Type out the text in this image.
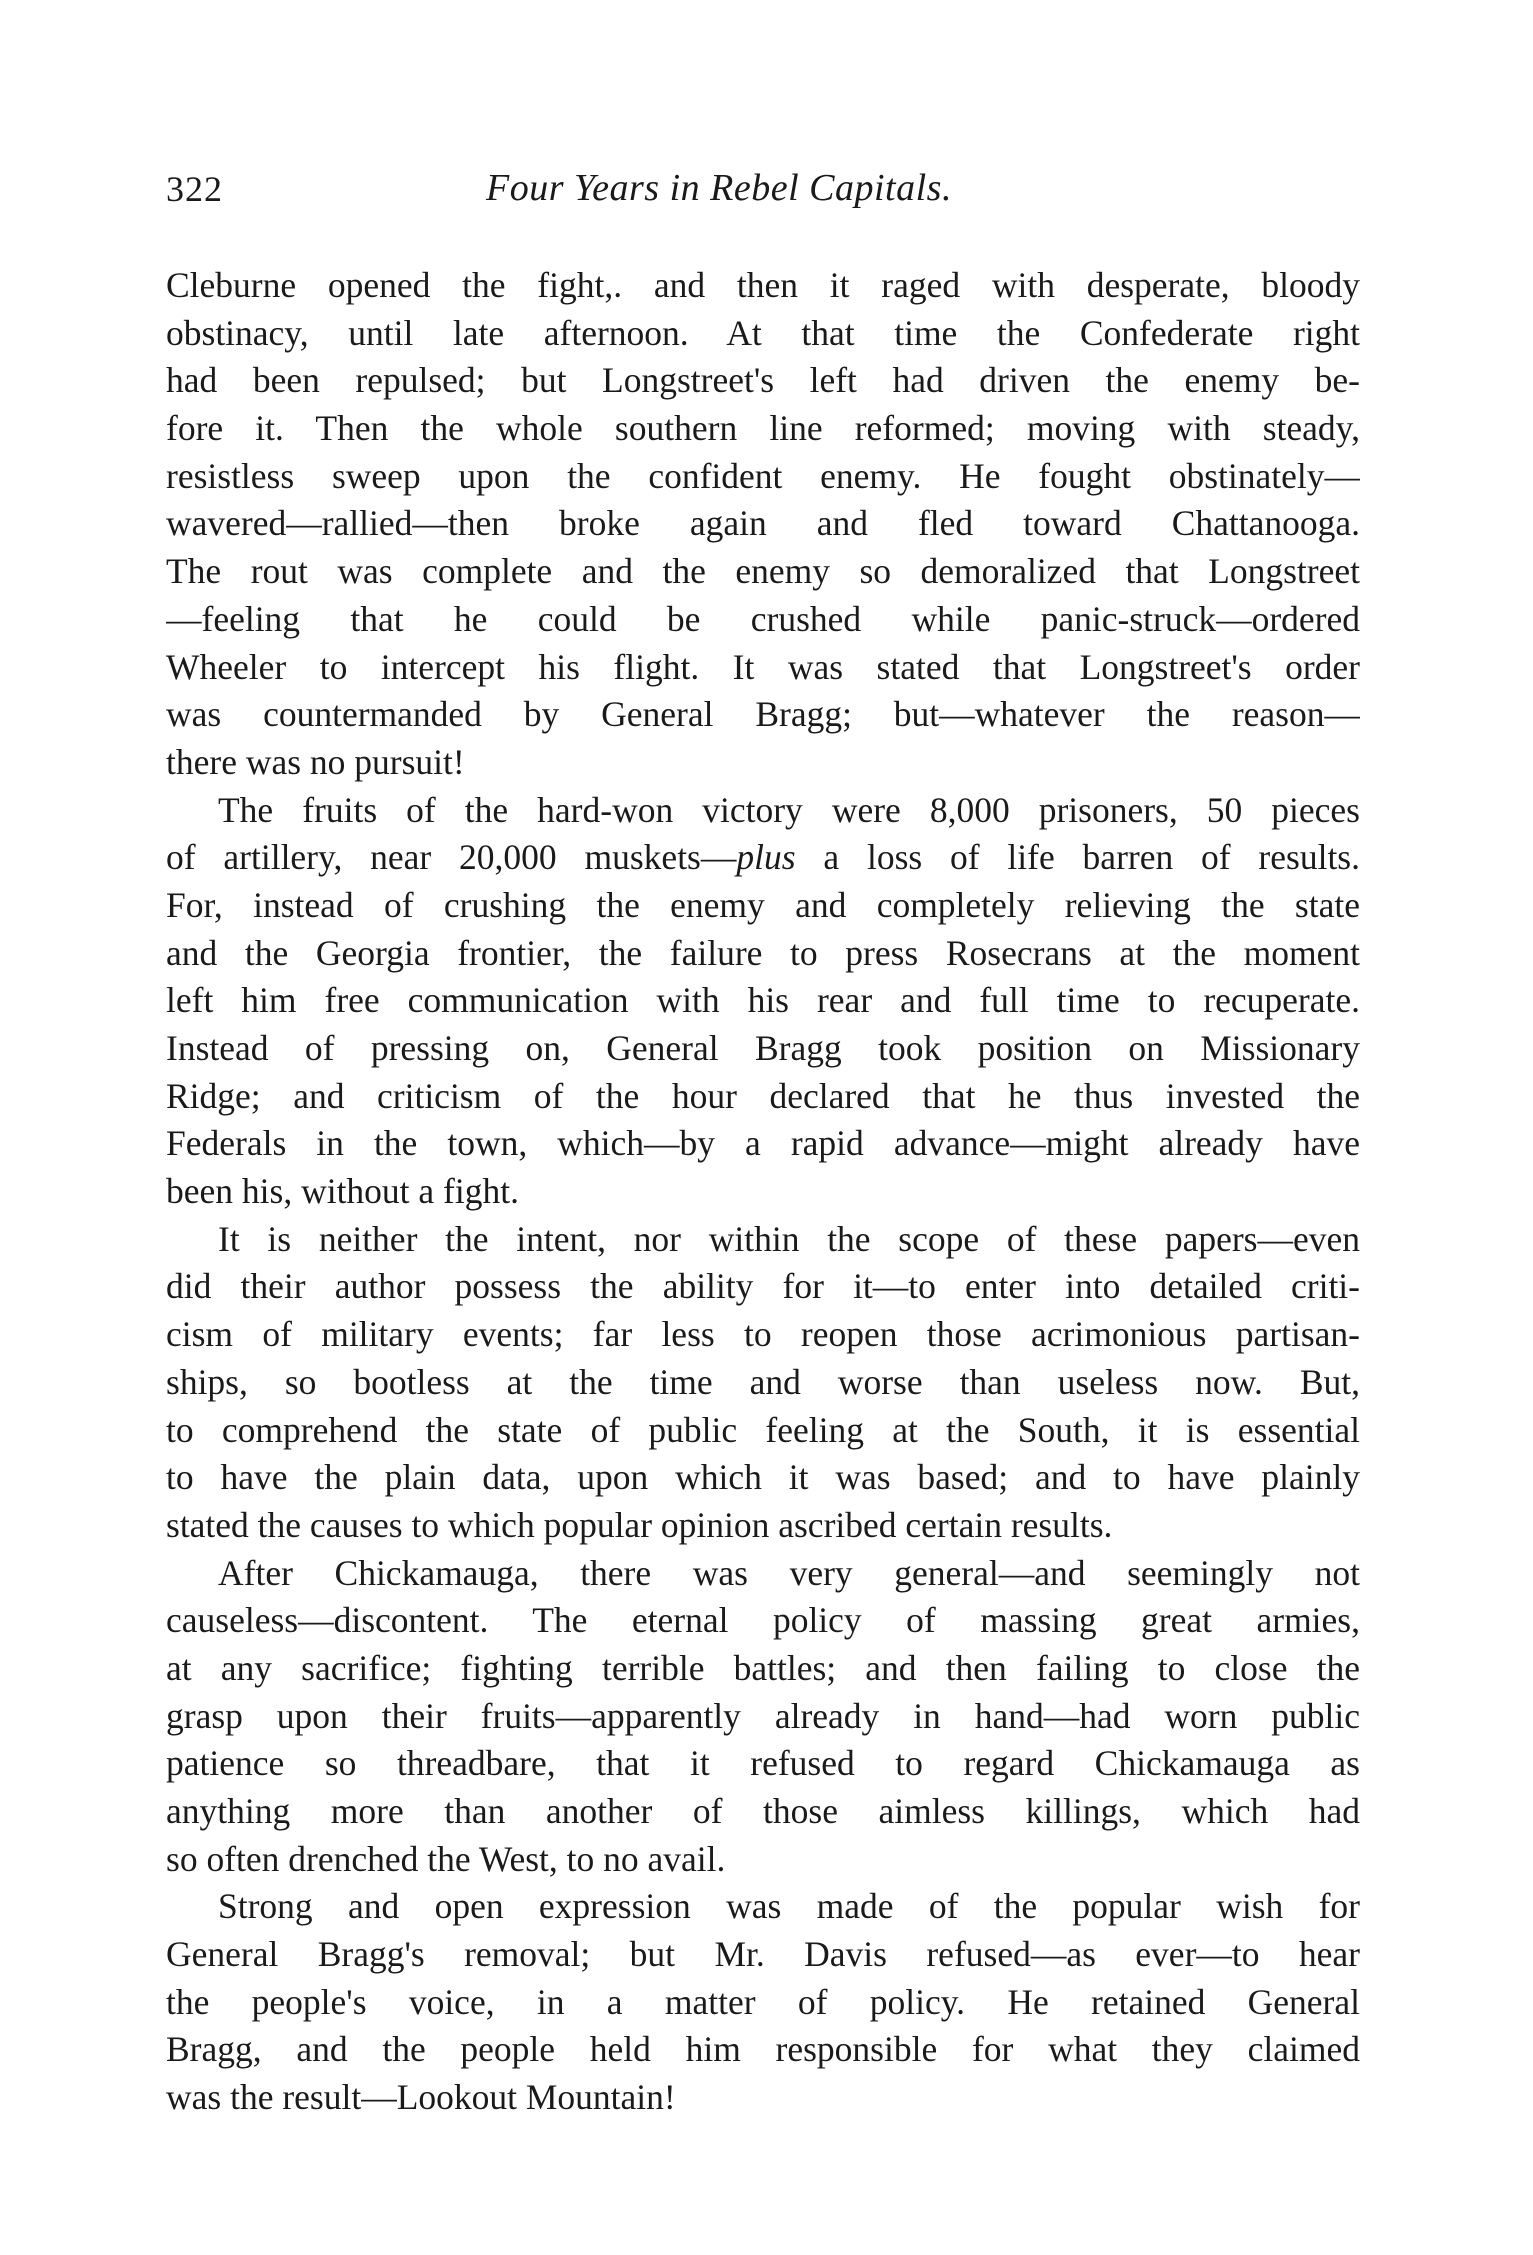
322	Four Years in Rebel Capitals.
Cleburne opened the fight,. and then it raged with desperate, bloody
obstinacy, until late afternoon. At that time the Confederate right
had been repulsed; but Longstreet's left had driven the enemy be-
fore it. Then the whole southern line reformed; moving with steady,
resistless sweep upon the confident enemy. He fought obstinately—
wavered—rallied—then broke again and fled toward Chattanooga.
The rout was complete and the enemy so demoralized that Longstreet
—feeling that he could be crushed while panic-struck—ordered
Wheeler to intercept his flight. It was stated that Longstreet's order
was countermanded by General Bragg; but—whatever the reason—
there was no pursuit!
The fruits of the hard-won victory were 8,000 prisoners, 50 pieces
of artillery, near 20,000 muskets—plus a loss of life barren of results.
For, instead of crushing the enemy and completely relieving the state
and the Georgia frontier, the failure to press Rosecrans at the moment
left him free communication with his rear and full time to recuperate.
Instead of pressing on, General Bragg took position on Missionary
Ridge; and criticism of the hour declared that he thus invested the
Federals in the town, which—by a rapid advance—might already have
been his, without a fight.
It is neither the intent, nor within the scope of these papers—even
did their author possess the ability for it—to enter into detailed criti-
cism of military events; far less to reopen those acrimonious partisan-
ships, so bootless at the time and worse than useless now. But,
to comprehend the state of public feeling at the South, it is essential
to have the plain data, upon which it was based; and to have plainly
stated the causes to which popular opinion ascribed certain results.
After Chickamauga, there was very general—and seemingly not
causeless—discontent. The eternal policy of massing great armies,
at any sacrifice; fighting terrible battles; and then failing to close the
grasp upon their fruits—apparently already in hand—had worn public
patience so threadbare, that it refused to regard Chickamauga as
anything more than another of those aimless killings, which had
so often drenched the West, to no avail.
Strong and open expression was made of the popular wish for
General Bragg's removal; but Mr. Davis refused—as ever—to hear
the people's voice, in a matter of policy. He retained General
Bragg, and the people held him responsible for what they claimed
was the result—Lookout Mountain!
